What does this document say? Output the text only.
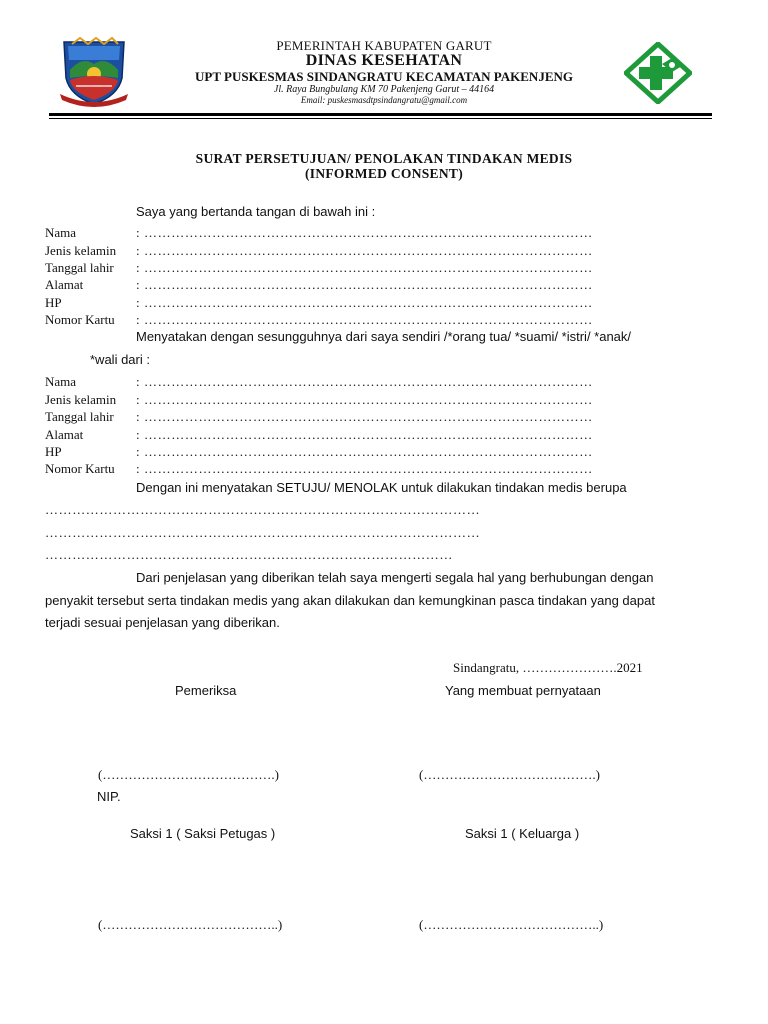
PEMERINTAH KABUPATEN GARUT
DINAS KESEHATAN
UPT PUSKESMAS SINDANGRATU KECAMATAN PAKENJENG
Jl. Raya Bungbulang KM 70 Pakenjeng Garut – 44164
Email: puskesmasdtpsindangratu@gmail.com
SURAT PERSETUJUAN/ PENOLAKAN TINDAKAN MEDIS
(INFORMED CONSENT)
Saya yang bertanda tangan di bawah ini :
Nama	: ………………………………………………………………………………………
Jenis kelamin : ………………………………………………………………………………………
Tanggal lahir : ………………………………………………………………………………………
Alamat	: ………………………………………………………………………………………
HP	: ………………………………………………………………………………………
Nomor Kartu : ………………………………………………………………………………………
Menyatakan dengan sesungguhnya dari saya sendiri /*orang tua/ *suami/ *istri/ *anak/
*wali dari :
Nama	: ………………………………………………………………………………………
Jenis kelamin : ………………………………………………………………………………………
Tanggal lahir : ………………………………………………………………………………………
Alamat	: ………………………………………………………………………………………
HP	: ………………………………………………………………………………………
Nomor Kartu : ………………………………………………………………………………………
Dengan ini menyatakan SETUJU/ MENOLAK untuk dilakukan tindakan medis berupa
……………………………………………………………………………………
……………………………………………………………………………………
………………………………………………………………………………
Dari penjelasan yang diberikan telah saya mengerti segala hal yang berhubungan dengan
penyakit tersebut serta tindakan medis yang akan dilakukan dan kemungkinan pasca tindakan yang dapat
terjadi sesuai penjelasan yang diberikan.
Sindangratu, ………………….2021
Pemeriksa	Yang membuat pernyataan
(………………………………….)	(………………………………….)
NIP.
Saksi 1 ( Saksi Petugas )	Saksi 1 ( Keluarga )
(…………………………………..)	(…………………………………..)
